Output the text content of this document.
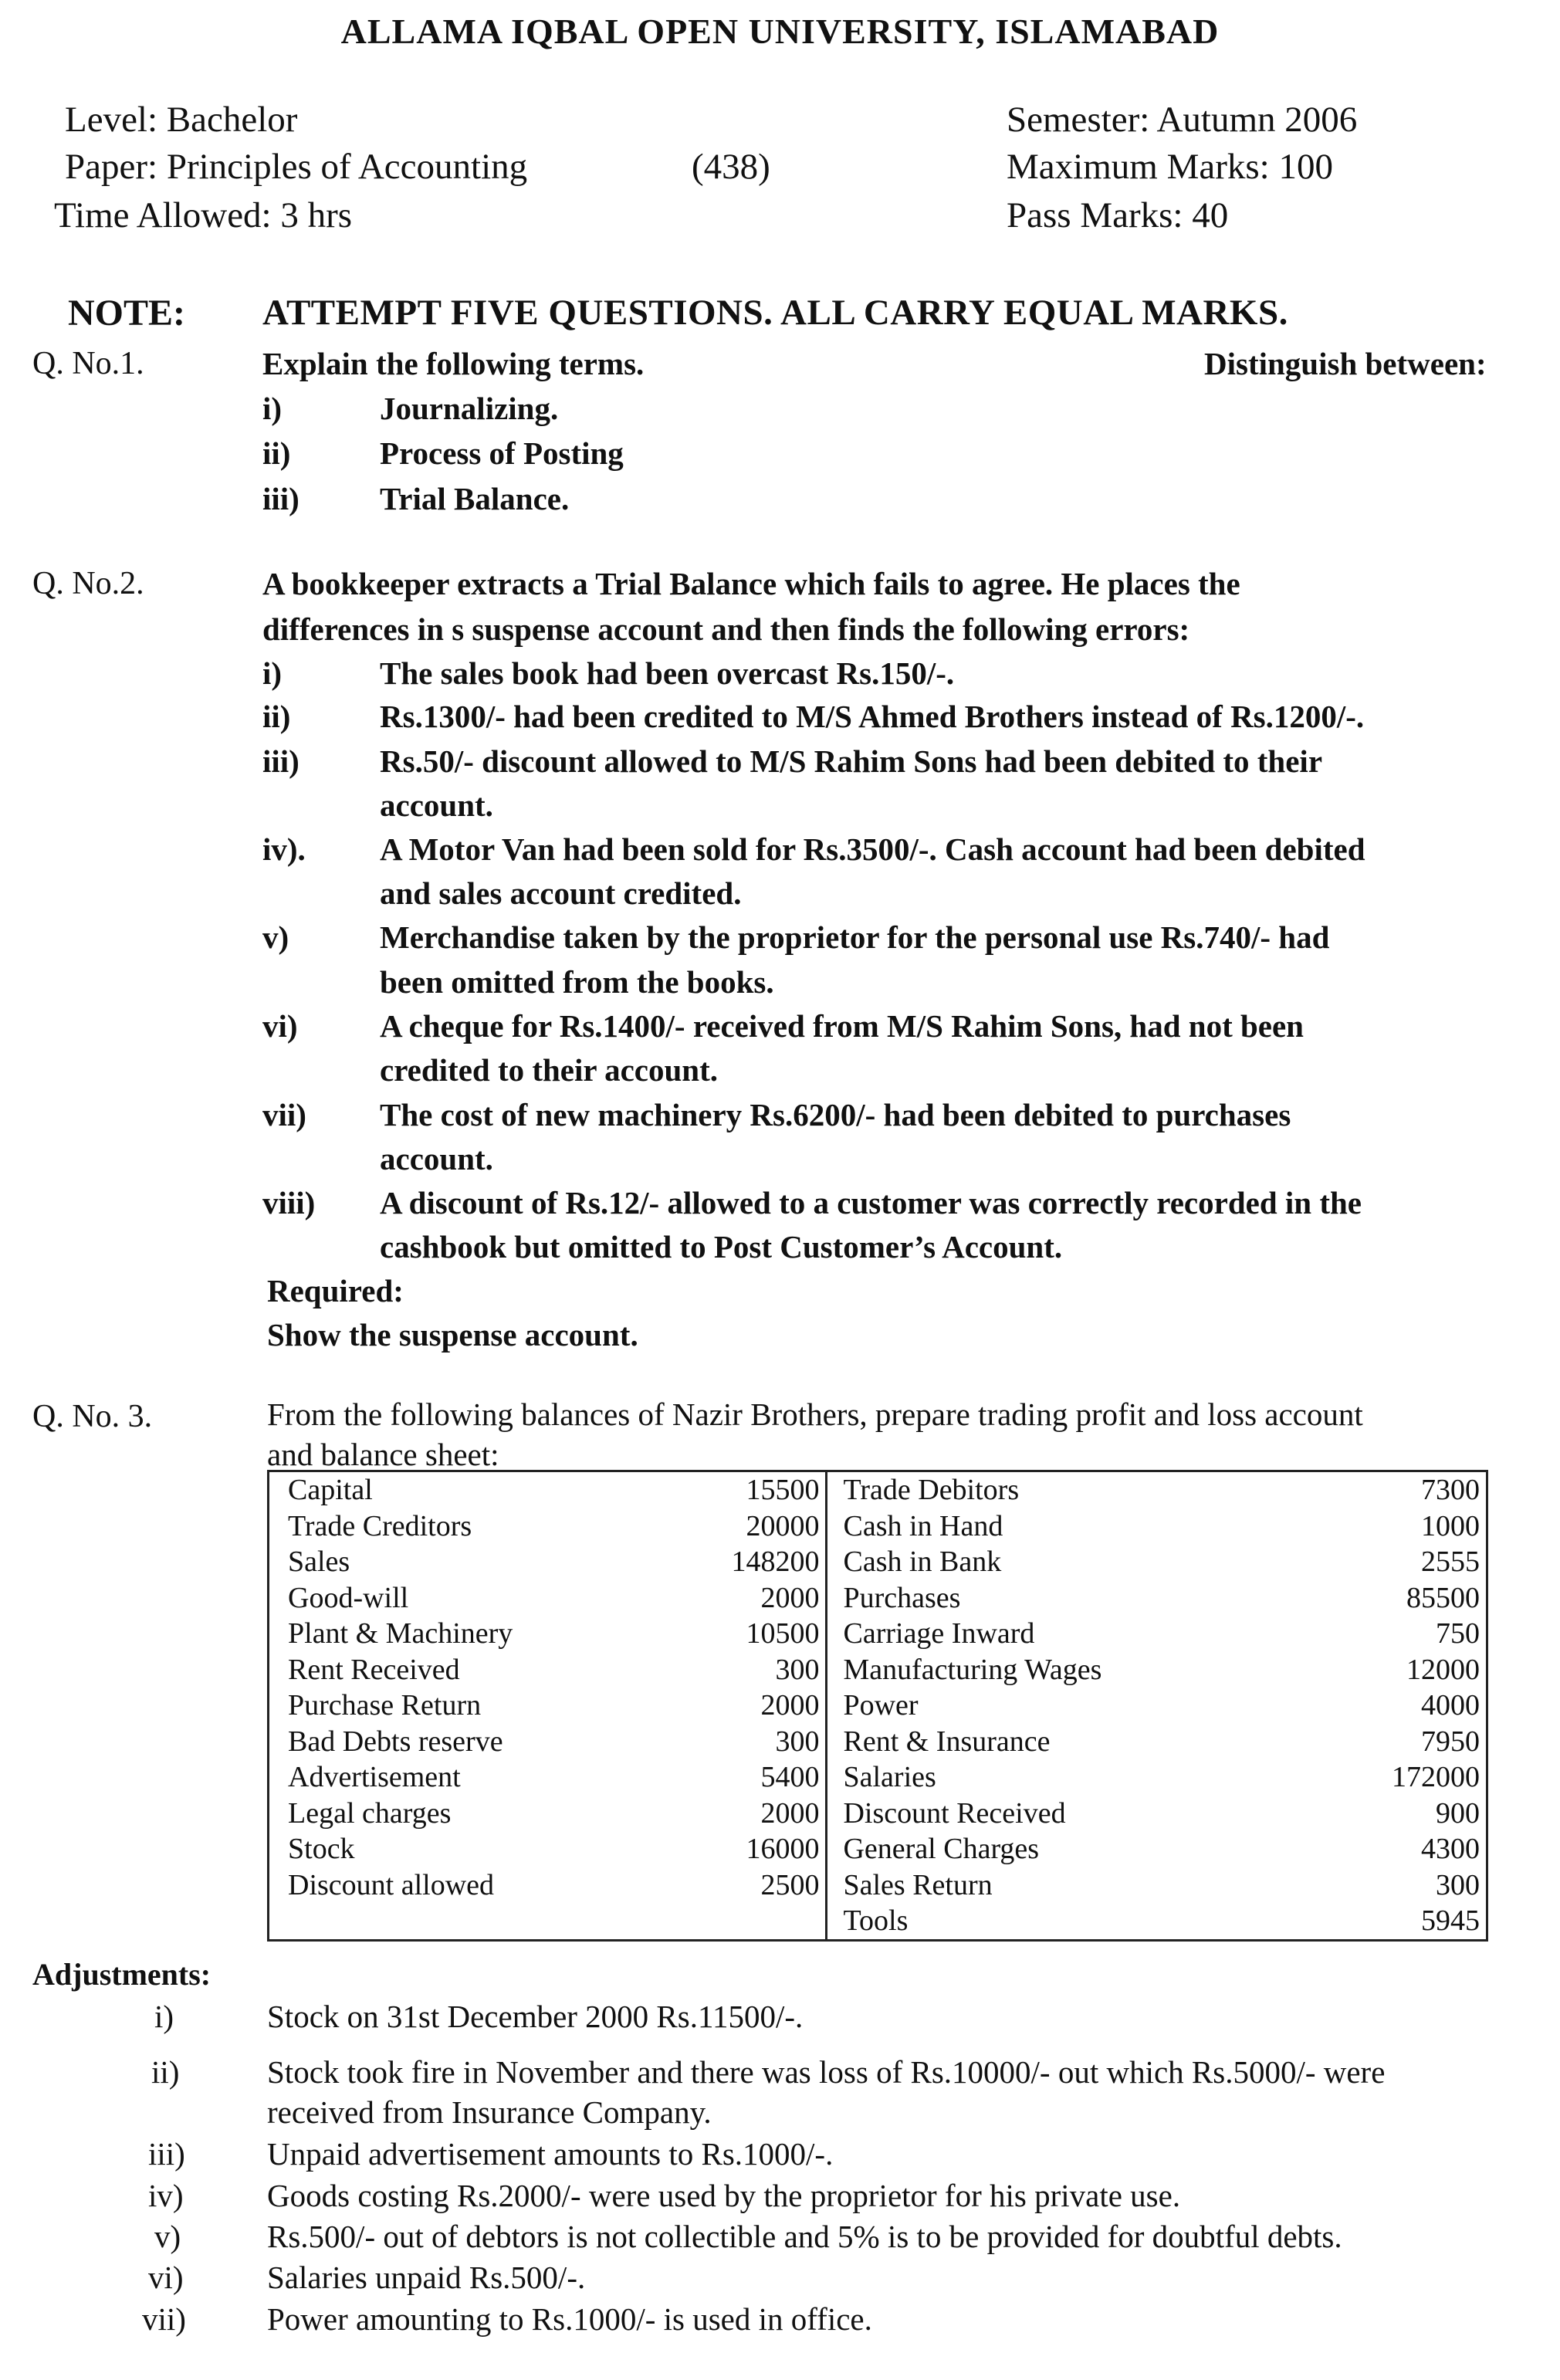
ALLAMA IQBAL OPEN UNIVERSITY, ISLAMABAD
Level: Bachelor
Paper: Principles of Accounting	(438)
Time Allowed: 3 hrs
Semester: Autumn 2006
Maximum Marks: 100
Pass Marks: 40
NOTE: ATTEMPT FIVE QUESTIONS. ALL CARRY EQUAL MARKS.
Q. No.1.	Explain the following terms.	Distinguish between:
i)	Journalizing.
ii)	Process of Posting
iii)	Trial Balance.
Q. No.2.	A bookkeeper extracts a Trial Balance which fails to agree. He places the
differences in s suspense account and then finds the following errors:
i)	The sales book had been overcast Rs.150/-.
ii)	Rs.1300/- had been credited to M/S Ahmed Brothers instead of Rs.1200/-.
iii)	Rs.50/- discount allowed to M/S Rahim Sons had been debited to their
account.
iv). A Motor Van had been sold for Rs.3500/-. Cash account had been debited
and sales account credited.
v)	Merchandise taken by the proprietor for the personal use Rs.740/- had
been omitted from the books.
vi)	A cheque for Rs.1400/- received from M/S Rahim Sons, had not been
credited to their account.
vii) The cost of new machinery Rs.6200/- had been debited to purchases
account.
viii) A discount of Rs.12/- allowed to a customer was correctly recorded in the
cashbook but omitted to Post Customer’s Account.
Required:
Show the suspense account.
Q. No. 3.	From the following balances of Nazir Brothers, prepare trading profit and loss account
and balance sheet:
Capital	15500	Trade Debitors	7300
Trade Creditors	20000	Cash in Hand	1000
Sales	148200	Cash in Bank	2555
Good-will	2000	Purchases	85500
Plant & Machinery	10500	Carriage Inward	750
Rent Received	300	Manufacturing Wages	12000
Purchase Return	2000	Power	4000
Bad Debts reserve	300	Rent & Insurance	7950
Advertisement	5400	Salaries	172000
Legal charges	2000	Discount Received	900
Stock	16000	General Charges	4300
Discount allowed	2500	Sales Return	300
		Tools	5945
Adjustments:
i)	Stock on 31st December 2000 Rs.11500/-.
ii)	Stock took fire in November and there was loss of Rs.10000/- out which Rs.5000/- were
received from Insurance Company.
iii)	Unpaid advertisement amounts to Rs.1000/-.
iv)	Goods costing Rs.2000/- were used by the proprietor for his private use.
v)	Rs.500/- out of debtors is not collectible and 5% is to be provided for doubtful debts.
vi)	Salaries unpaid Rs.500/-.
vii)	Power amounting to Rs.1000/- is used in office.
